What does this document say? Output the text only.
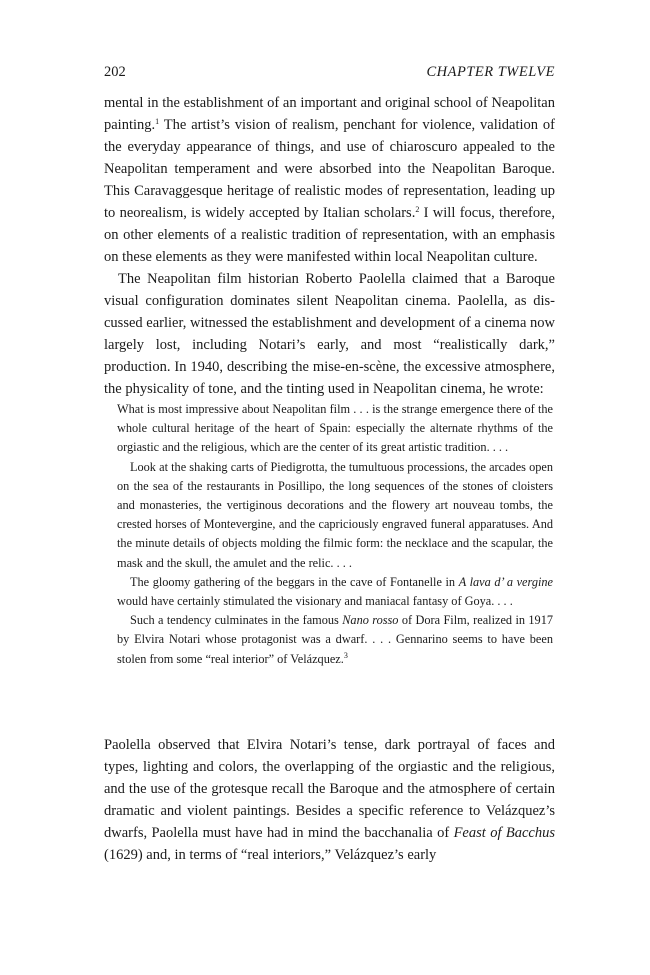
202	CHAPTER TWELVE

mental in the establishment of an important and original school of Neapolitan painting.$^1$ The artist’s vision of realism, penchant for violence, validation of the everyday appearance of things, and use of chiaroscuro appealed to the Neapolitan temperament and were absorbed into the Neapolitan Baroque. This Caravaggesque heritage of realistic modes of representation, leading up to neorealism, is widely accepted by Italian scholars.$^2$ I will focus, therefore, on other elements of a realistic tradition of representation, with an emphasis on these elements as they were manifested within local Neapolitan culture.

The Neapolitan film historian Roberto Paolella claimed that a Baroque visual configuration dominates silent Neapolitan cinema. Paolella, as discussed earlier, witnessed the establishment and development of a cinema now largely lost, including Notari’s early, and most “realistically dark,” production. In 1940, describing the mise-en-scène, the excessive atmosphere, the physicality of tone, and the tinting used in Neapolitan cinema, he wrote:

What is most impressive about Neapolitan film . . . is the strange emergence there of the whole cultural heritage of the heart of Spain: especially the alternate rhythms of the orgiastic and the religious, which are the center of its great artistic tradition. . . .

Look at the shaking carts of Piedigrotta, the tumultuous processions, the arcades open on the sea of the restaurants in Posillipo, the long sequences of the stones of cloisters and monasteries, the vertiginous decorations and the flowery art nouveau tombs, the crested horses of Montevergine, and the capriciously engraved funeral apparatuses. And the minute details of objects molding the filmic form: the necklace and the scapular, the mask and the skull, the amulet and the relic. . . .

The gloomy gathering of the beggars in the cave of Fontanelle in A lava d’ a vergine would have certainly stimulated the visionary and maniacal fantasy of Goya. . . .

Such a tendency culminates in the famous Nano rosso of Dora Film, realized in 1917 by Elvira Notari whose protagonist was a dwarf. . . . Gennarino seems to have been stolen from some “real interior” of Velázquez.$^3$

Paolella observed that Elvira Notari’s tense, dark portrayal of faces and types, lighting and colors, the overlapping of the orgiastic and the religious, and the use of the grotesque recall the Baroque and the atmosphere of certain dramatic and violent paintings. Besides a specific reference to Velázquez’s dwarfs, Paolella must have had in mind the bacchanalia of Feast of Bacchus (1629) and, in terms of “real interiors,” Velázquez’s early
